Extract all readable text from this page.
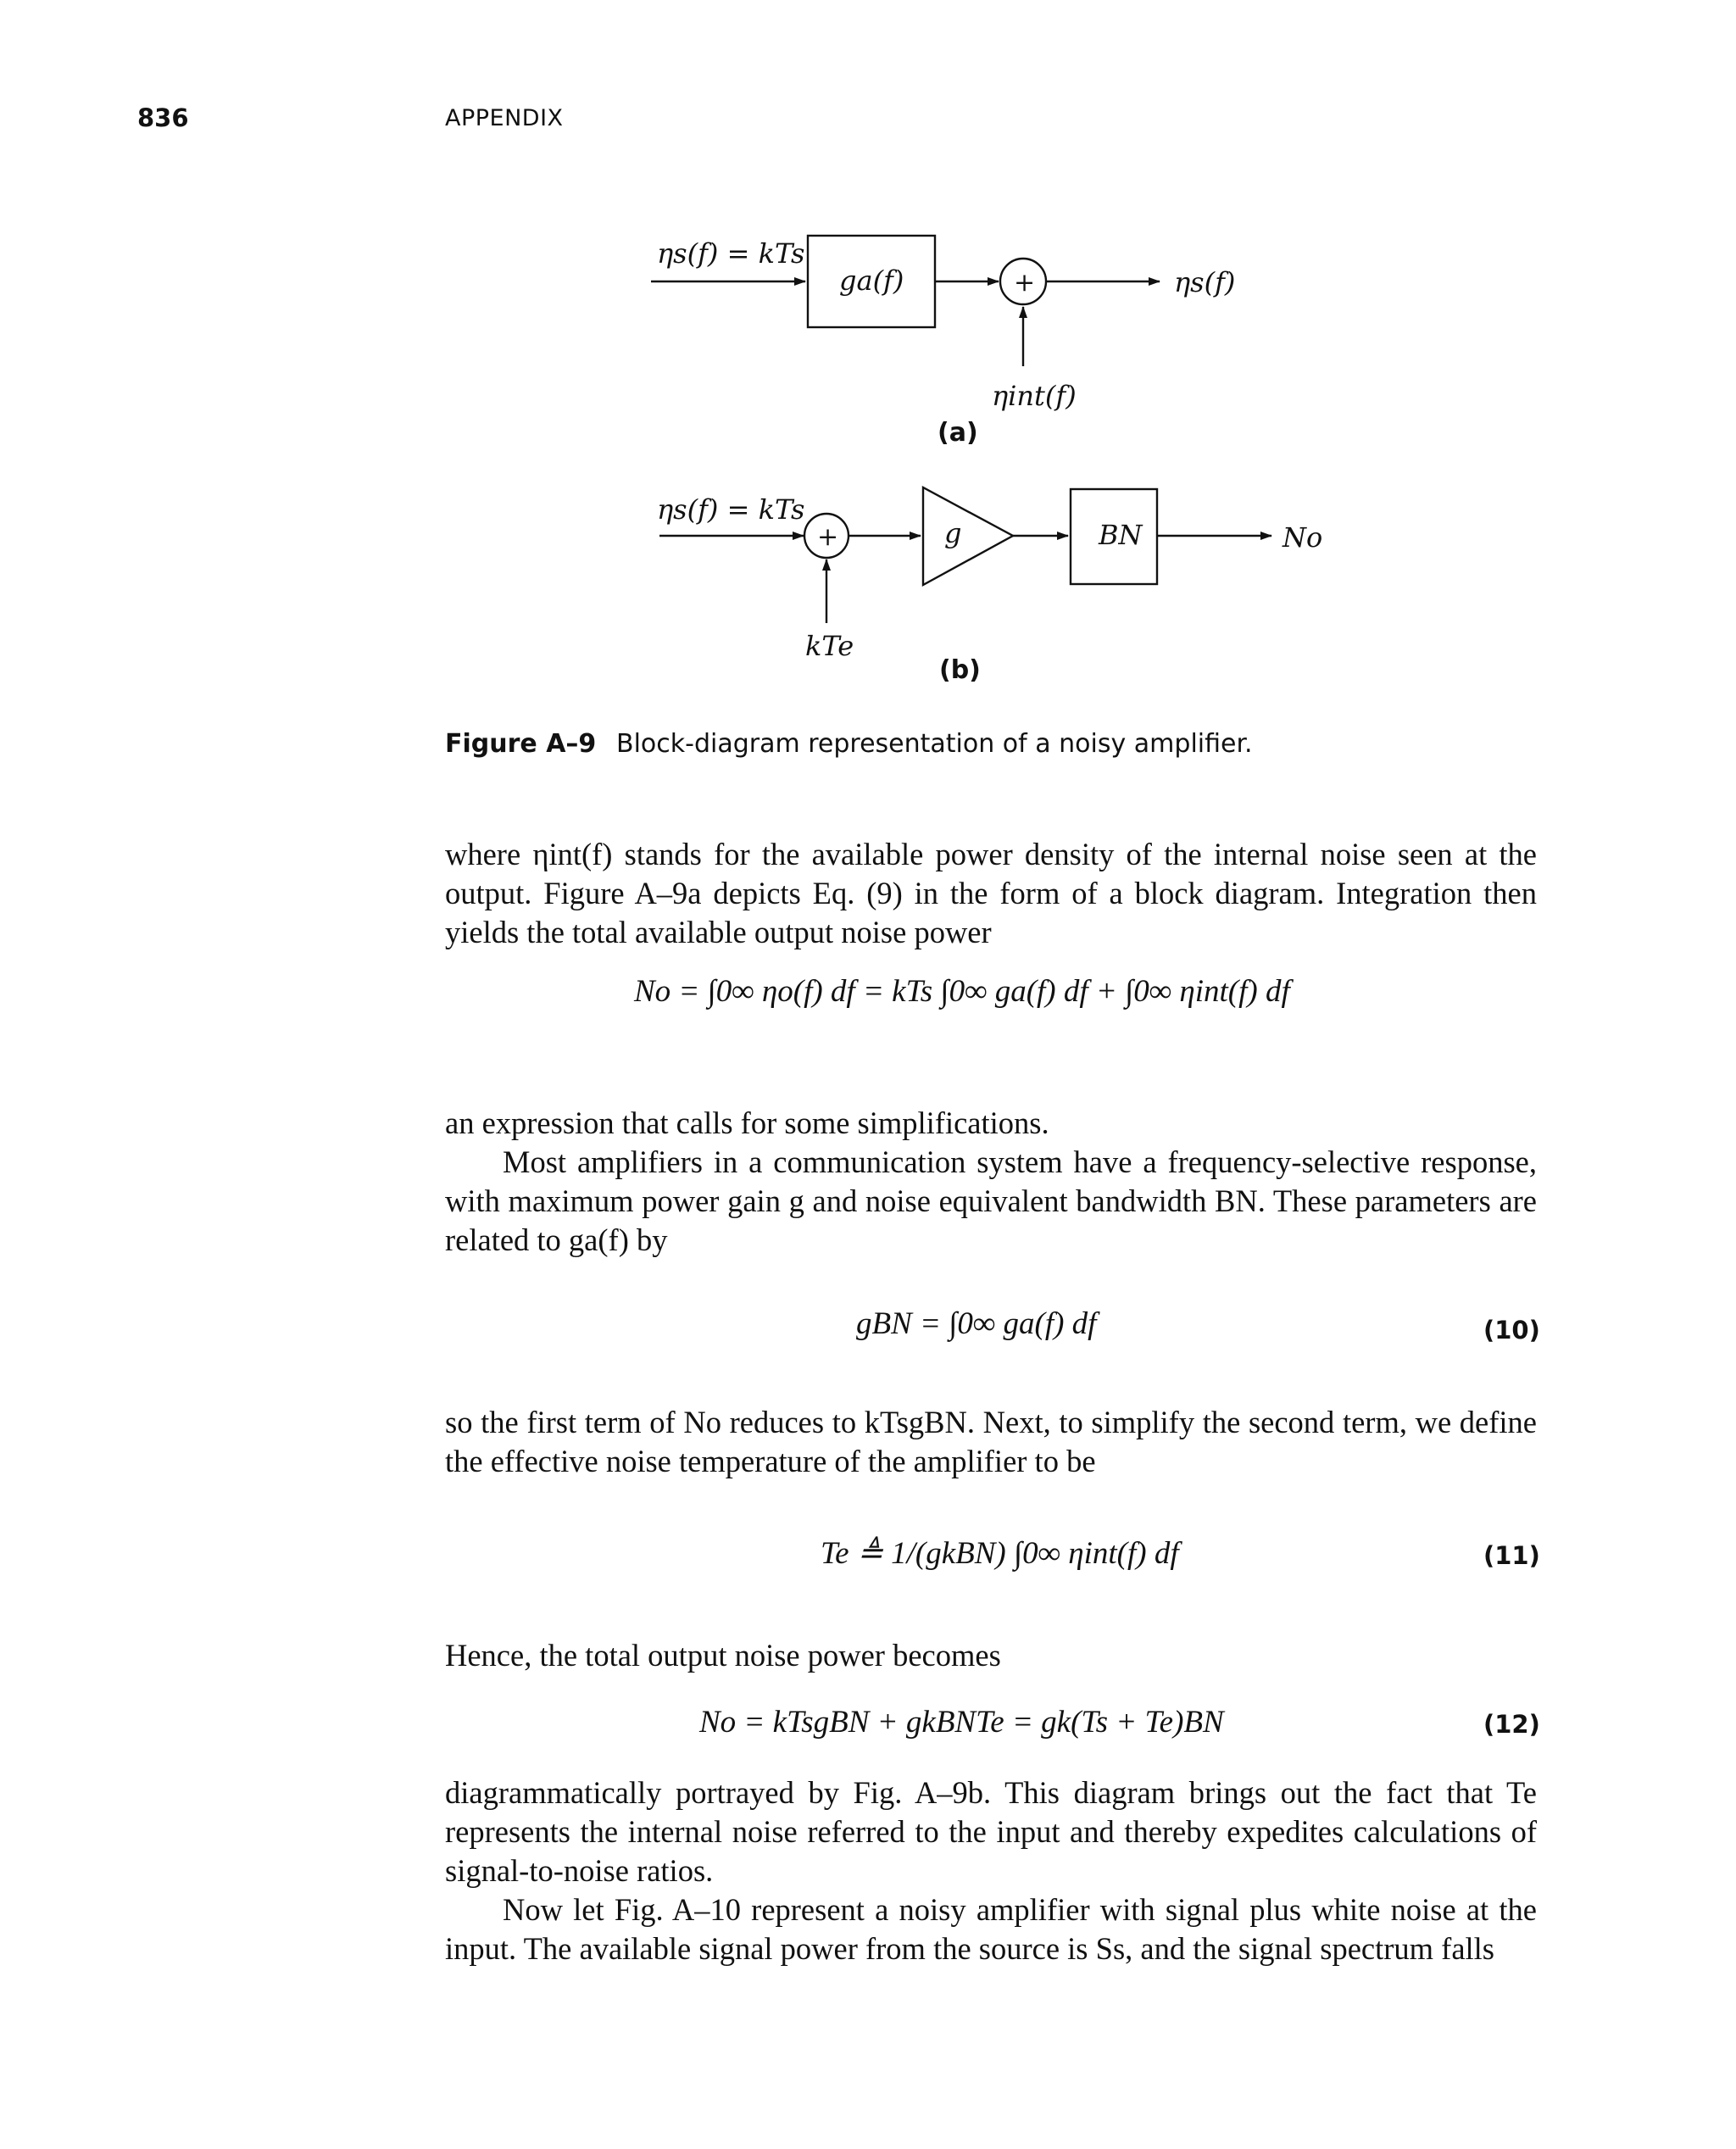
836	APPENDIX
ηs(f) = kTs
ga(f)	+	ηs(f)
ηint(f)
(a)
ηs(f) = kTs
+	g	BN	No
kTe
(b)
Figure A–9 Block-diagram representation of a noisy amplifier.

where ηint(f) stands for the available power density of the internal noise seen at the output. Figure A–9a depicts Eq. (9) in the form of a block diagram. Integration then yields the total available output noise power

No = ∫0∞ ηo(f) df = kTs ∫0∞ ga(f) df + ∫0∞ ηint(f) df

an expression that calls for some simplifications.

Most amplifiers in a communication system have a frequency-selective response, with maximum power gain g and noise equivalent bandwidth BN. These parameters are related to ga(f) by

gBN = ∫0∞ ga(f) df	(10)

so the first term of No reduces to kTsgBN. Next, to simplify the second term, we define the effective noise temperature of the amplifier to be

Te ≜ 1/(gkBN) ∫0∞ ηint(f) df	(11)

Hence, the total output noise power becomes

No = kTsgBN + gkBNTe = gk(Ts + Te)BN	(12)

diagrammatically portrayed by Fig. A–9b. This diagram brings out the fact that Te represents the internal noise referred to the input and thereby expedites calculations of signal-to-noise ratios.

Now let Fig. A–10 represent a noisy amplifier with signal plus white noise at the input. The available signal power from the source is Ss, and the signal spectrum falls
